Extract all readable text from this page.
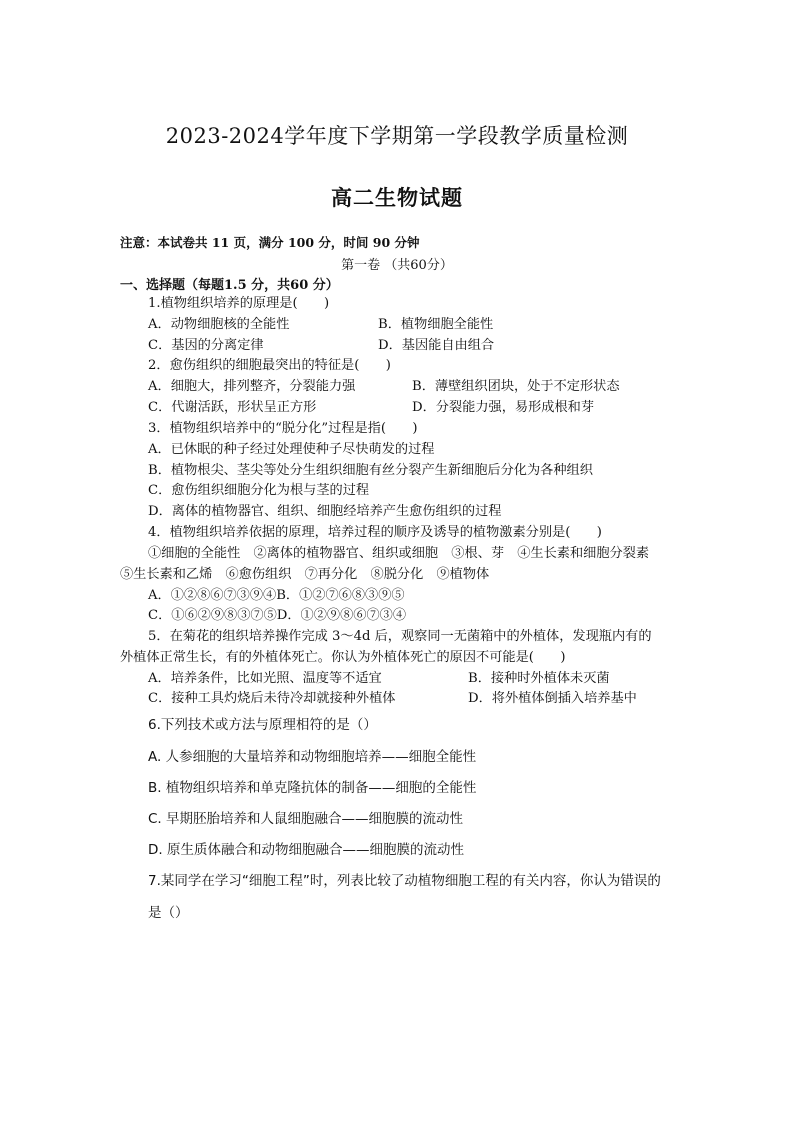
2023-2024学年度下学期第一学段教学质量检测
高二生物试题
注意：本试卷共 11 页，满分 100 分，时间 90 分钟
第一卷 （共60分）
一、选择题（每题1.5 分，共60 分）
1.植物组织培养的原理是(　　)
A．动物细胞核的全能性	B．植物细胞全能性
C．基因的分离定律	D．基因能自由组合
2．愈伤组织的细胞最突出的特征是(　　)
A．细胞大，排列整齐，分裂能力强	B．薄壁组织团块，处于不定形状态
C．代谢活跃，形状呈正方形	D．分裂能力强，易形成根和芽
3．植物组织培养中的“脱分化”过程是指(　　)
A．已休眠的种子经过处理使种子尽快萌发的过程
B．植物根尖、茎尖等处分生组织细胞有丝分裂产生新细胞后分化为各种组织
C．愈伤组织细胞分化为根与茎的过程
D．离体的植物器官、组织、细胞经培养产生愈伤组织的过程
4．植物组织培养依据的原理，培养过程的顺序及诱导的植物激素分别是(　　)
①细胞的全能性　②离体的植物器官、组织或细胞　③根、芽　④生长素和细胞分裂素
⑤生长素和乙烯　⑥愈伤组织　⑦再分化　⑧脱分化　⑨植物体
A．①②⑧⑥⑦③⑨④B．①②⑦⑥⑧③⑨⑤
C．①⑥②⑨⑧③⑦⑤D．①②⑨⑧⑥⑦③④
5．在菊花的组织培养操作完成 3～4d 后，观察同一无菌箱中的外植体，发现瓶内有的
外植体正常生长，有的外植体死亡。你认为外植体死亡的原因不可能是(　　)
A．培养条件，比如光照、温度等不适宜	B．接种时外植体未灭菌
C．接种工具灼烧后未待冷却就接种外植体	D．将外植体倒插入培养基中
6.下列技术或方法与原理相符的是（）
A. 人参细胞的大量培养和动物细胞培养——细胞全能性
B. 植物组织培养和单克隆抗体的制备——细胞的全能性
C. 早期胚胎培养和人鼠细胞融合——细胞膜的流动性
D. 原生质体融合和动物细胞融合——细胞膜的流动性
7.某同学在学习“细胞工程”时，列表比较了动植物细胞工程的有关内容，你认为错误的
是（）
